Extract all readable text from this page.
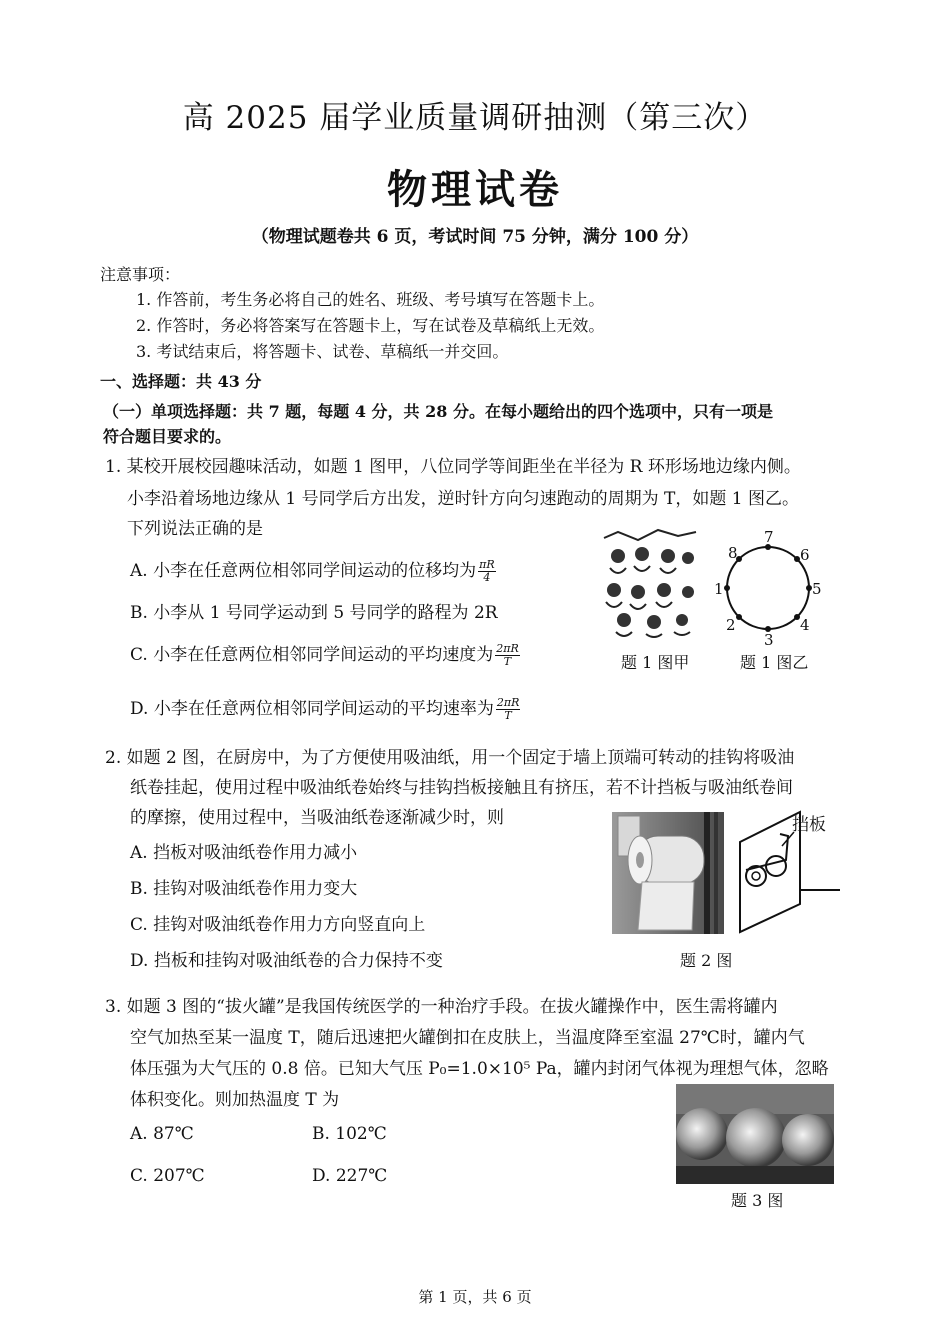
高 2025 届学业质量调研抽测（第三次）
物理试卷
（物理试题卷共 6 页，考试时间 75 分钟，满分 100 分）
注意事项：
1. 作答前，考生务必将自己的姓名、班级、考号填写在答题卡上。
2. 作答时，务必将答案写在答题卡上，写在试卷及草稿纸上无效。
3. 考试结束后，将答题卡、试卷、草稿纸一并交回。
一、选择题：共 43 分
（一）单项选择题：共 7 题，每题 4 分，共 28 分。在每小题给出的四个选项中，只有一项是
符合题目要求的。
1. 某校开展校园趣味活动，如题 1 图甲，八位同学等间距坐在半径为 R 环形场地边缘内侧。
小李沿着场地边缘从 1 号同学后方出发，逆时针方向匀速跑动的周期为 T，如题 1 图乙。
下列说法正确的是
A. 小李在任意两位相邻同学间运动的位移均为 $\frac{\pi R}{4}$
B. 小李从 1 号同学运动到 5 号同学的路程为 2R
C. 小李在任意两位相邻同学间运动的平均速度为 $\frac{2\pi R}{T}$
D. 小李在任意两位相邻同学间运动的平均速率为 $\frac{2\pi R}{T}$
题 1 图甲
1
2
3
4
5
6
7
8
题 1 图乙
2. 如题 2 图，在厨房中，为了方便使用吸油纸，用一个固定于墙上顶端可转动的挂钩将吸油
纸卷挂起，使用过程中吸油纸卷始终与挂钩挡板接触且有挤压，若不计挡板与吸油纸卷间
的摩擦，使用过程中，当吸油纸卷逐渐减少时，则
A. 挡板对吸油纸卷作用力减小
B. 挂钩对吸油纸卷作用力变大
C. 挂钩对吸油纸卷作用力方向竖直向上
D. 挡板和挂钩对吸油纸卷的合力保持不变
挡板
题 2 图
3. 如题 3 图的“拔火罐”是我国传统医学的一种治疗手段。在拔火罐操作中，医生需将罐内
空气加热至某一温度 T，随后迅速把火罐倒扣在皮肤上，当温度降至室温 27℃时，罐内气
体压强为大气压的 0.8 倍。已知大气压 P₀=1.0×10⁵ Pa，罐内封闭气体视为理想气体，忽略
体积变化。则加热温度 T 为
A. 87℃	B. 102℃
C. 207℃	D. 227℃
题 3 图
第 1 页，共 6 页
